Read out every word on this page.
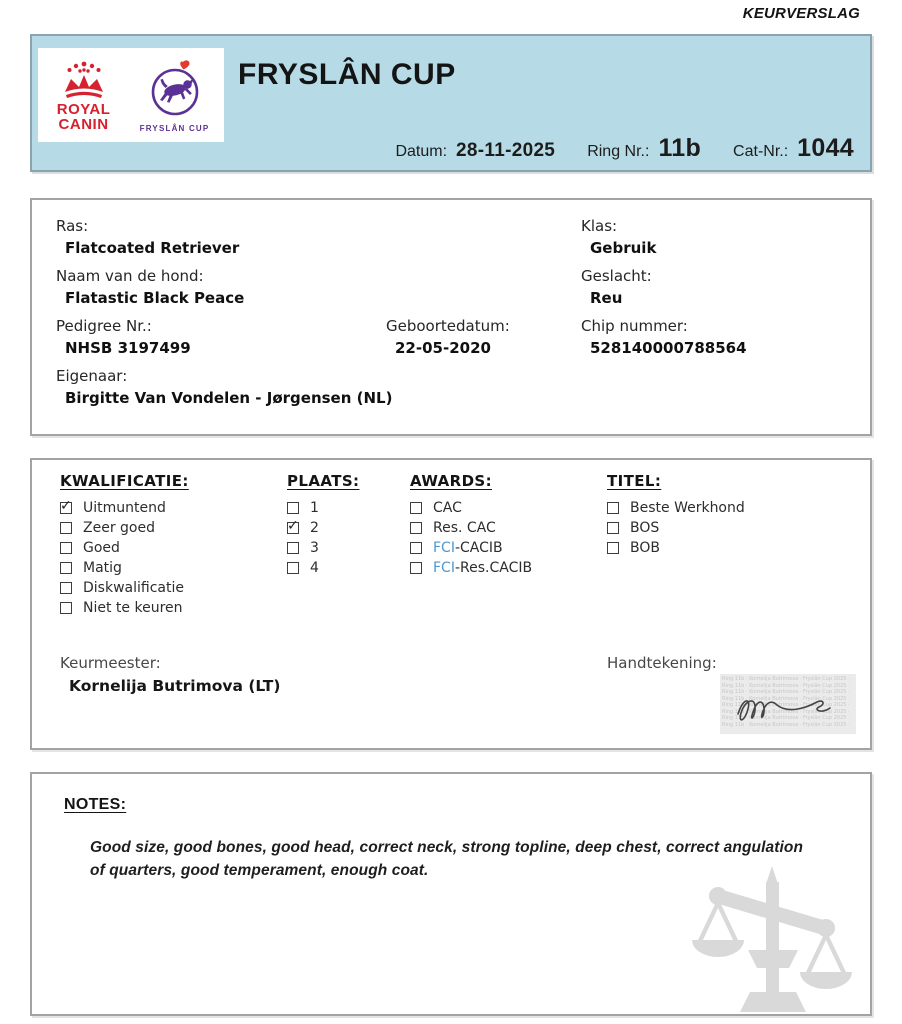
KEURVERSLAG
ROYAL
CANIN	FRYSLÂN CUP
FRYSLÂN CUP
Datum: 28-11-2025 Ring Nr.: 11b Cat-Nr.: 1044
Ras:
Flatcoated Retriever
Klas:
Gebruik
Naam van de hond:
Flatastic Black Peace
Geslacht:
Reu
Pedigree Nr.:
NHSB 3197499
Geboortedatum:
22-05-2020
Chip nummer:
528140000788564
Eigenaar:
Birgitte Van Vondelen - Jørgensen (NL)
KWALIFICATIE:
✓
Uitmuntend
Zeer goed
Goed
Matig
Diskwalificatie
Niet te keuren
PLAATS:
1
✓
2
3
4
AWARDS:
CAC
Res. CAC
FCI-CACIB
FCI-Res.CACIB
TITEL:
Beste Werkhond
BOS
BOB
Keurmeester:
Kornelija Butrimova (LT)
Handtekening:
Ring 11b · Kornelija Butrimova · Fryslân Cup 2025 · Ring 11b · Kornelija Butrimova · Fryslân Cup 2025 · Ring 11b · Kornelija Butrimova · Fryslân Cup 2025 · Ring 11b · Kornelija Butrimova · Fryslân Cup 2025 · Ring 11b · Kornelija Butrimova · Fryslân Cup 2025 · Ring 11b · Kornelija Butrimova · Fryslân Cup 2025 · Ring 11b · Kornelija Butrimova · Fryslân Cup 2025 · Ring 11b · Kornelija Butrimova · Fryslân Cup 2025 ·
NOTES:
Good size, good bones, good head, correct neck, strong topline, deep chest, correct angulation of quarters, good temperament, enough coat.
